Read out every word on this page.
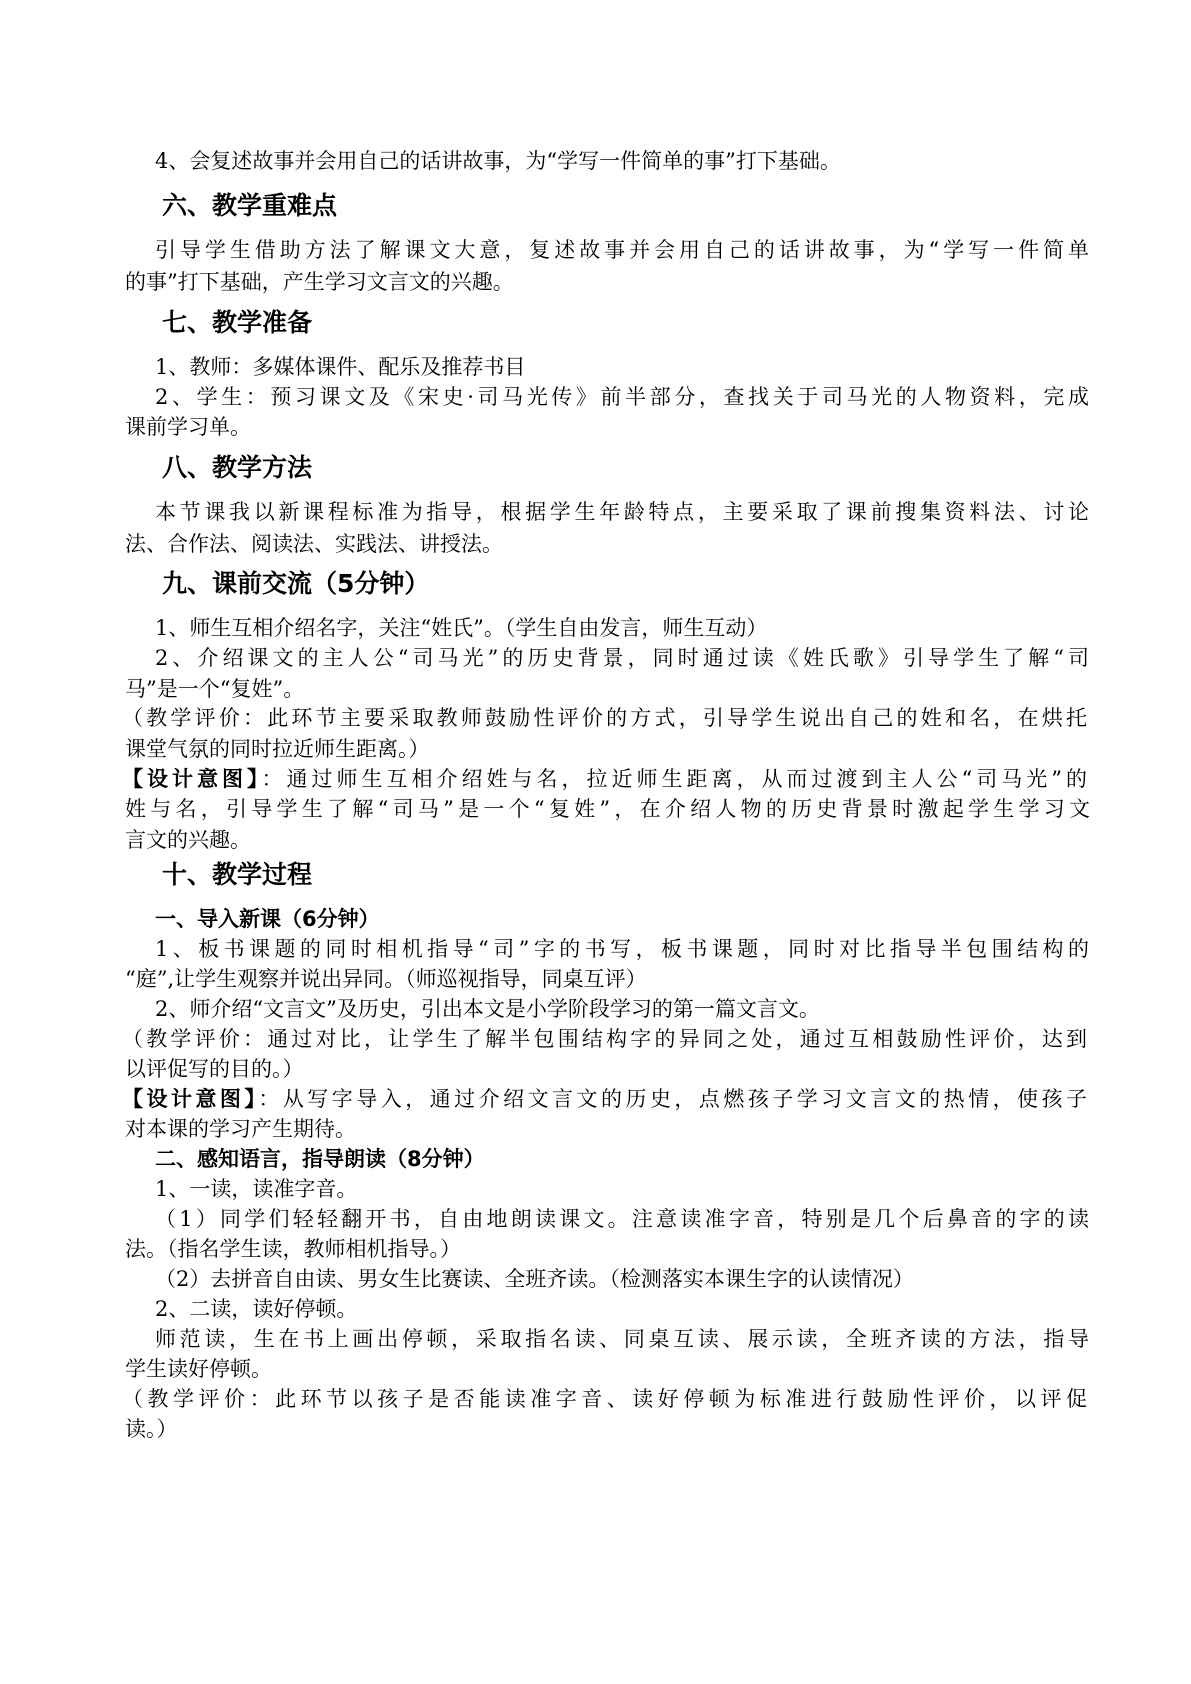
4、会复述故事并会用自己的话讲故事，为“学写一件简单的事”打下基础。
六、教学重难点
引导学生借助方法了解课文大意，复述故事并会用自己的话讲故事，为“学写一件简单
的事”打下基础，产生学习文言文的兴趣。
七、教学准备
1、教师：多媒体课件、配乐及推荐书目
2、学生：预习课文及《宋史·司马光传》前半部分，查找关于司马光的人物资料，完成
课前学习单。
八、教学方法
本节课我以新课程标准为指导，根据学生年龄特点，主要采取了课前搜集资料法、讨论
法、合作法、阅读法、实践法、讲授法。
九、课前交流（5分钟）
1、师生互相介绍名字，关注“姓氏”。（学生自由发言，师生互动）
2、介绍课文的主人公“司马光”的历史背景，同时通过读《姓氏歌》引导学生了解“司
马”是一个“复姓”。
（教学评价：此环节主要采取教师鼓励性评价的方式，引导学生说出自己的姓和名，在烘托
课堂气氛的同时拉近师生距离。）
【设计意图】：通过师生互相介绍姓与名，拉近师生距离，从而过渡到主人公“司马光”的
姓与名，引导学生了解“司马”是一个“复姓”，在介绍人物的历史背景时激起学生学习文
言文的兴趣。
十、教学过程
一、导入新课（6分钟）
1、板书课题的同时相机指导“司”字的书写，板书课题，同时对比指导半包围结构的
“庭”,让学生观察并说出异同。（师巡视指导，同桌互评）
2、师介绍“文言文”及历史，引出本文是小学阶段学习的第一篇文言文。
（教学评价：通过对比，让学生了解半包围结构字的异同之处，通过互相鼓励性评价，达到
以评促写的目的。）
【设计意图】：从写字导入，通过介绍文言文的历史，点燃孩子学习文言文的热情，使孩子
对本课的学习产生期待。
二、感知语言，指导朗读（8分钟）
1、一读，读准字音。
（1）同学们轻轻翻开书，自由地朗读课文。注意读准字音，特别是几个后鼻音的字的读
法。（指名学生读，教师相机指导。）
（2）去拼音自由读、男女生比赛读、全班齐读。（检测落实本课生字的认读情况）
2、二读，读好停顿。
师范读，生在书上画出停顿，采取指名读、同桌互读、展示读，全班齐读的方法，指导
学生读好停顿。
（教学评价：此环节以孩子是否能读准字音、读好停顿为标准进行鼓励性评价，以评促
读。）
